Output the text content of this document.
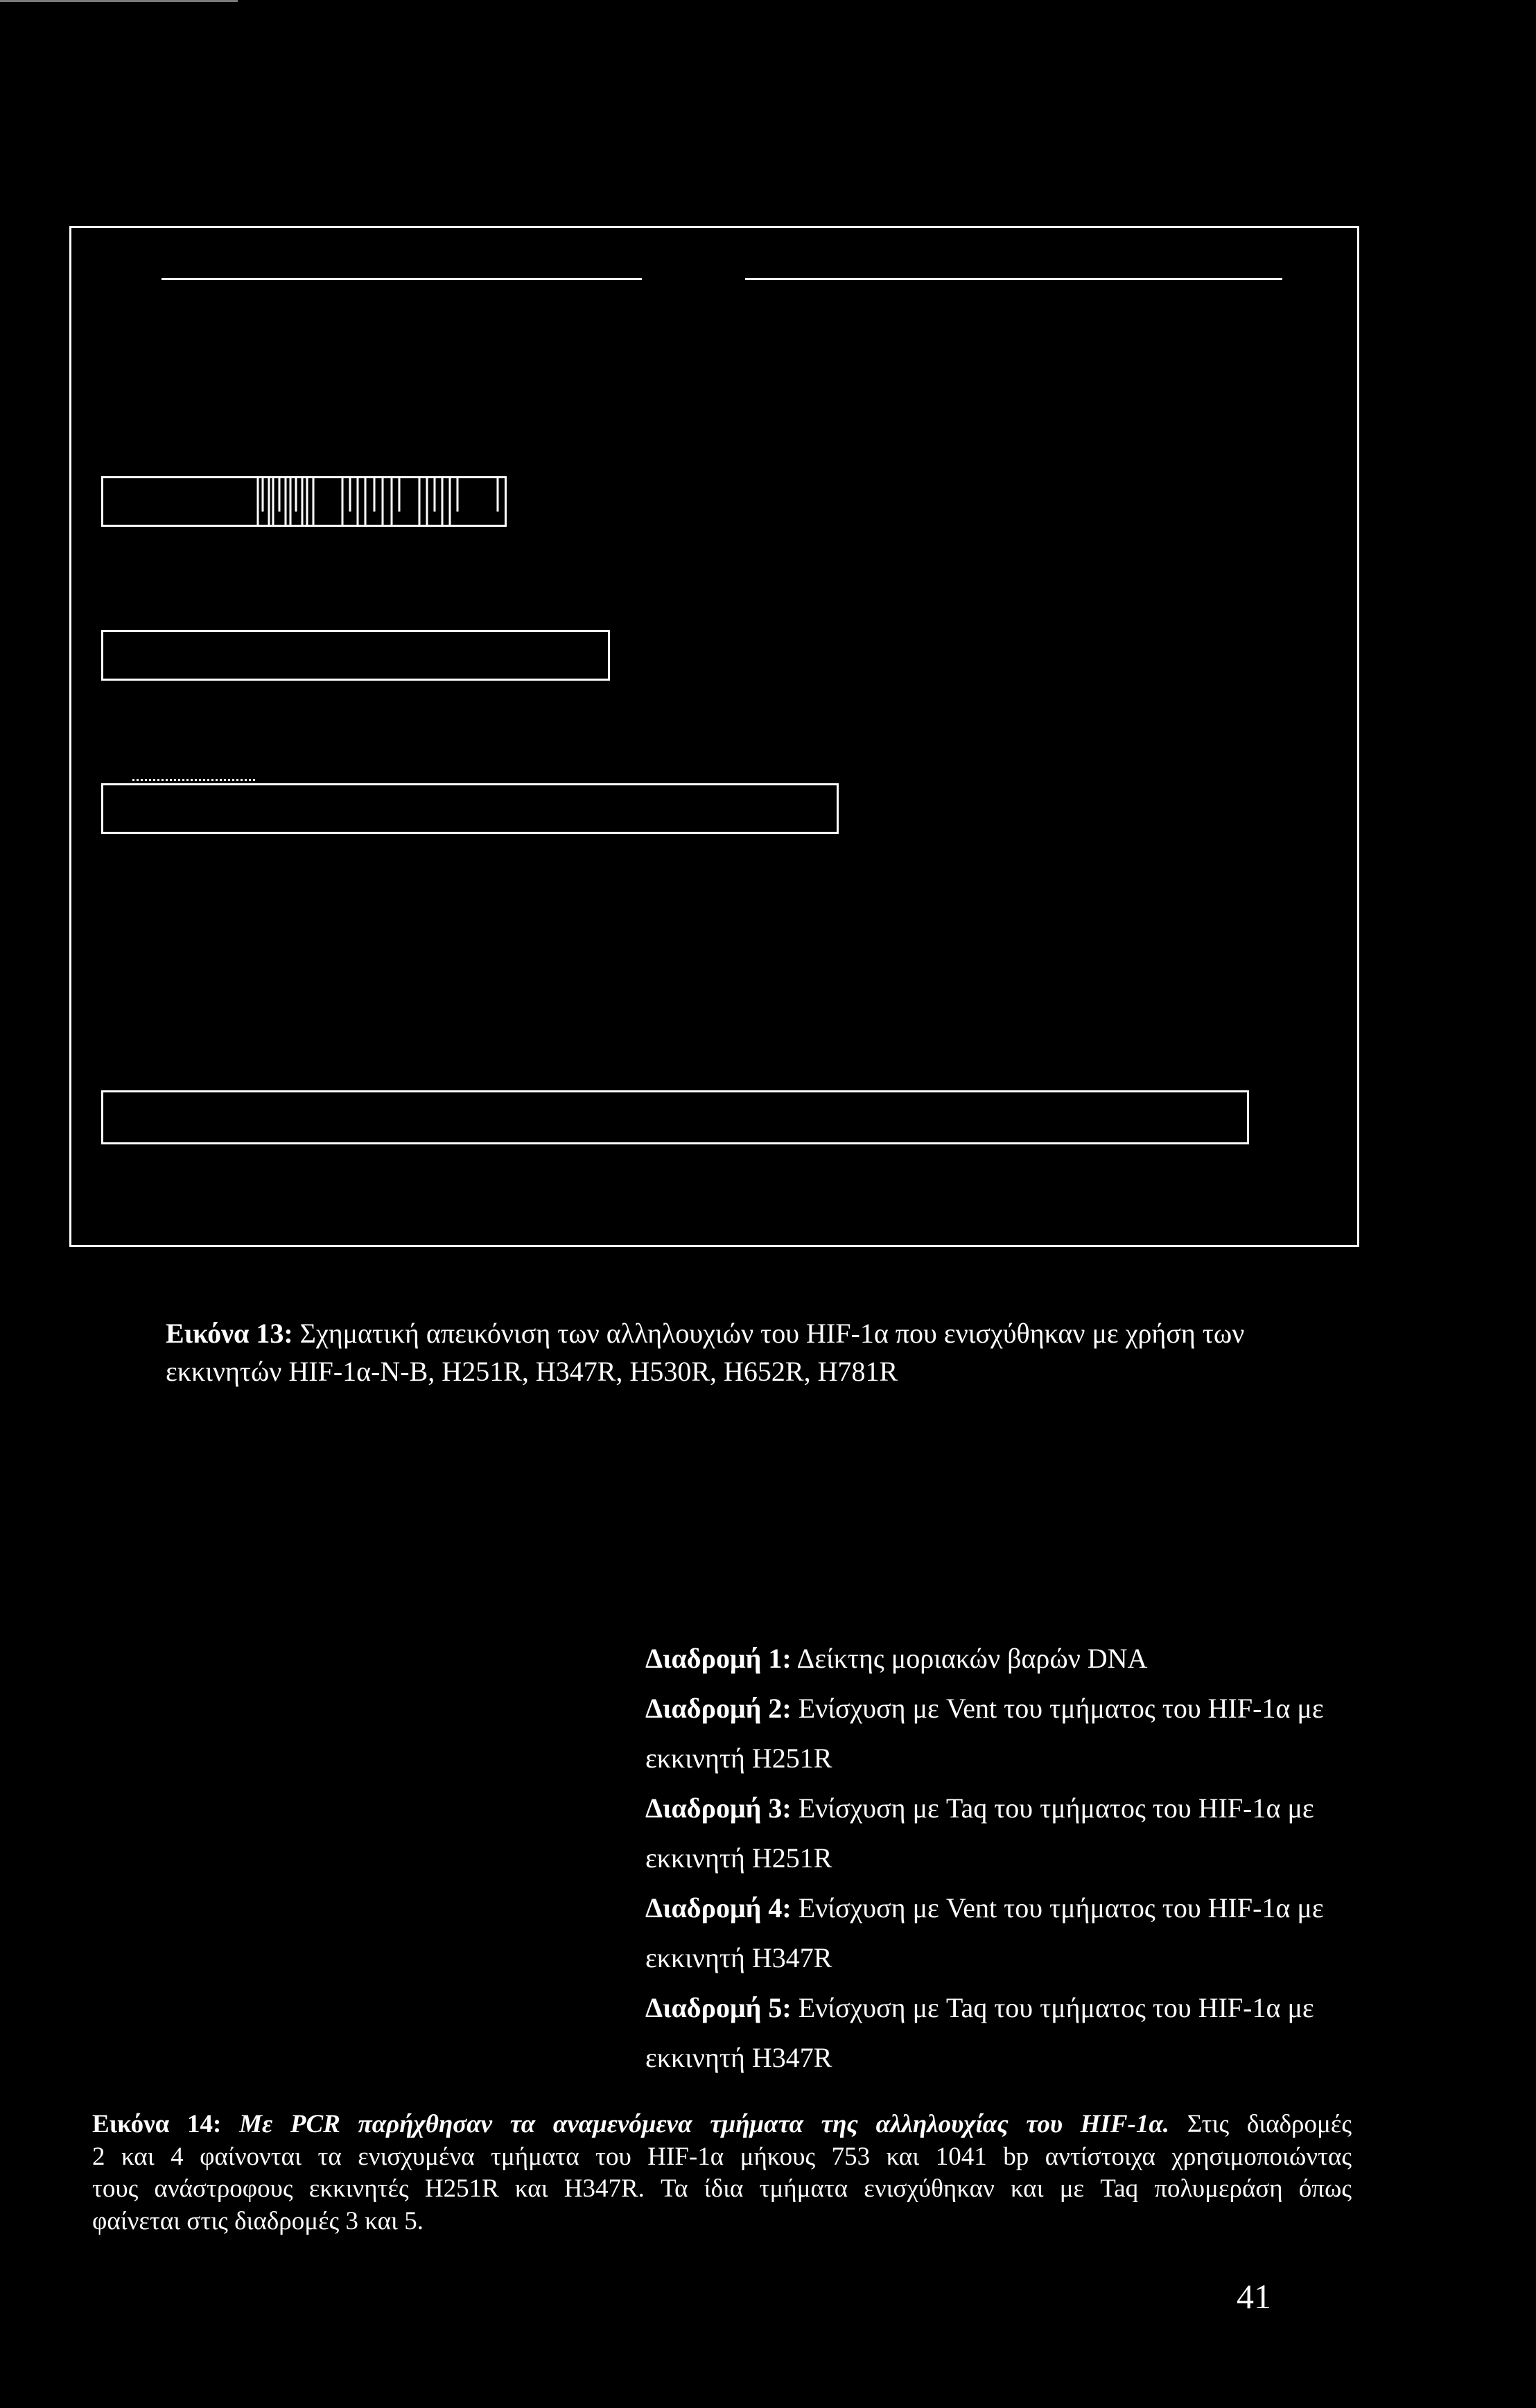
Εικόνα 13: Σχηματική απεικόνιση των αλληλουχιών του HIF-1α που ενισχύθηκαν με χρήση των
εκκινητών HIF-1α-N-B, H251R, H347R, H530R, H652R, H781R
Διαδρομή 1: Δείκτης μοριακών βαρών DNA
Διαδρομή 2: Ενίσχυση με Vent του τμήματος του HIF-1α με
εκκινητή H251R
Διαδρομή 3: Ενίσχυση με Taq του τμήματος του HIF-1α με
εκκινητή H251R
Διαδρομή 4: Ενίσχυση με Vent του τμήματος του HIF-1α με
εκκινητή H347R
Διαδρομή 5: Ενίσχυση με Taq του τμήματος του HIF-1α με
εκκινητή H347R
Εικόνα 14: Με PCR παρήχθησαν τα αναμενόμενα τμήματα της αλληλουχίας του HIF-1α. Στις διαδρομές
2 και 4 φαίνονται τα ενισχυμένα τμήματα του HIF-1α μήκους 753 και 1041 bp αντίστοιχα χρησιμοποιώντας
τους ανάστροφους εκκινητές H251R και H347R. Τα ίδια τμήματα ενισχύθηκαν και με Taq πολυμεράση όπως
φαίνεται στις διαδρομές 3 και 5.
41
